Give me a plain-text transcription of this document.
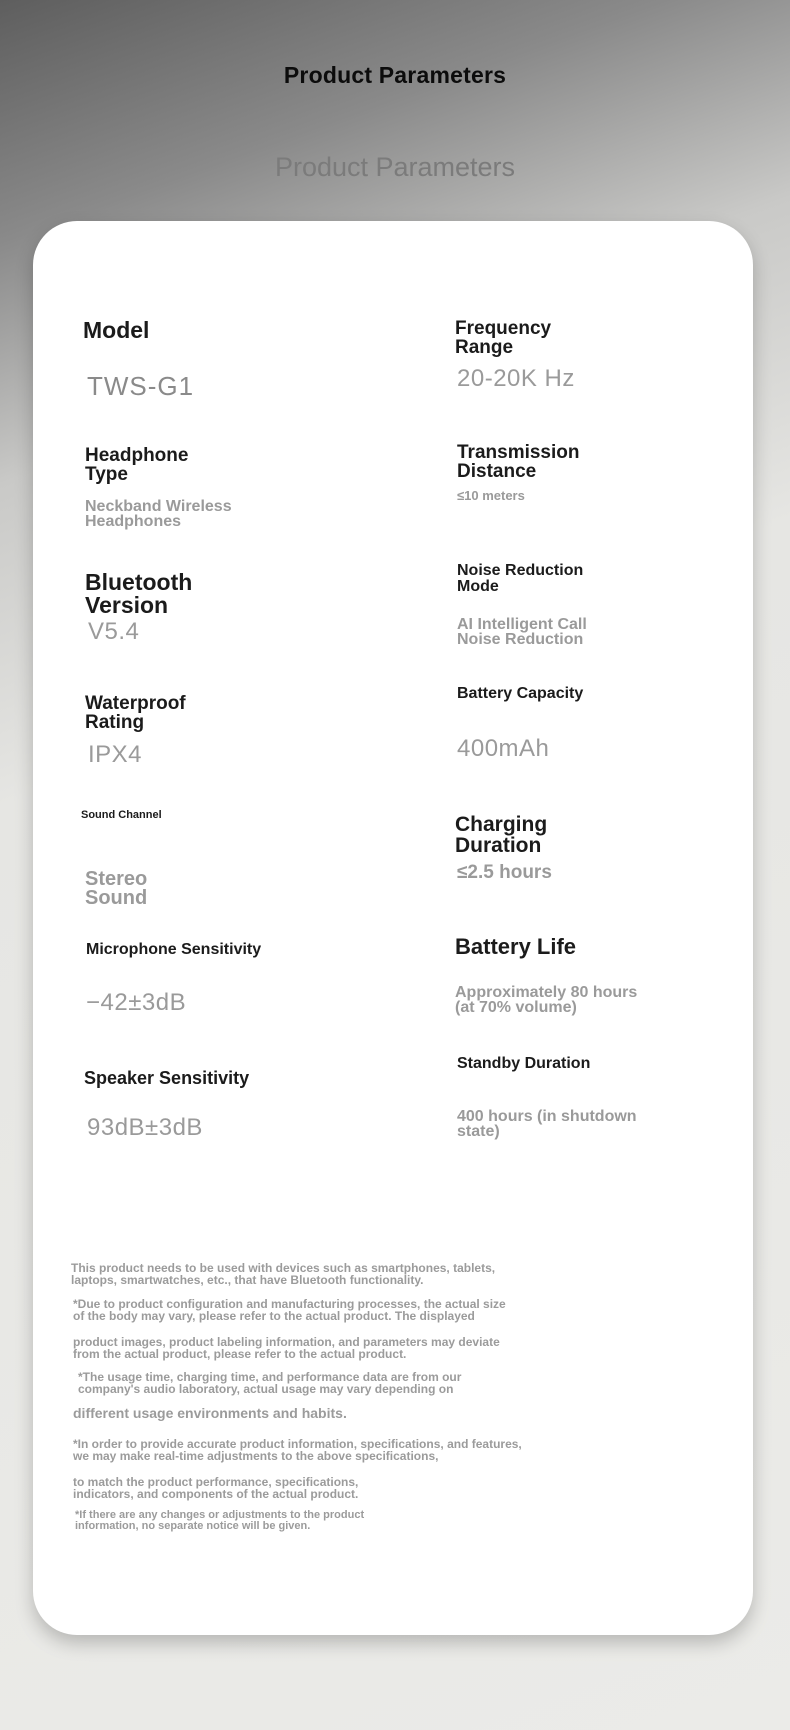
Product Parameters
Product Parameters
Model
TWS-G1
Headphone
Type
Neckband Wireless
Headphones
Bluetooth
Version
V5.4
Waterproof
Rating
IPX4
Sound Channel
Stereo
Sound
Microphone Sensitivity
−42±3dB
Speaker Sensitivity
93dB±3dB
Frequency
Range
20-20K Hz
Transmission
Distance
≤10 meters
Noise Reduction
Mode
AI Intelligent Call
Noise Reduction
Battery Capacity
400mAh
Charging
Duration
≤2.5 hours
Battery Life
Approximately 80 hours
(at 70% volume)
Standby Duration
400 hours (in shutdown
state)
This product needs to be used with devices such as smartphones, tablets,
laptops, smartwatches, etc., that have Bluetooth functionality.
*Due to product configuration and manufacturing processes, the actual size
of the body may vary, please refer to the actual product. The displayed
product images, product labeling information, and parameters may deviate
from the actual product, please refer to the actual product.
*The usage time, charging time, and performance data are from our
company's audio laboratory, actual usage may vary depending on
different usage environments and habits.
*In order to provide accurate product information, specifications, and features,
we may make real-time adjustments to the above specifications,
to match the product performance, specifications,
indicators, and components of the actual product.
*If there are any changes or adjustments to the product
information, no separate notice will be given.
